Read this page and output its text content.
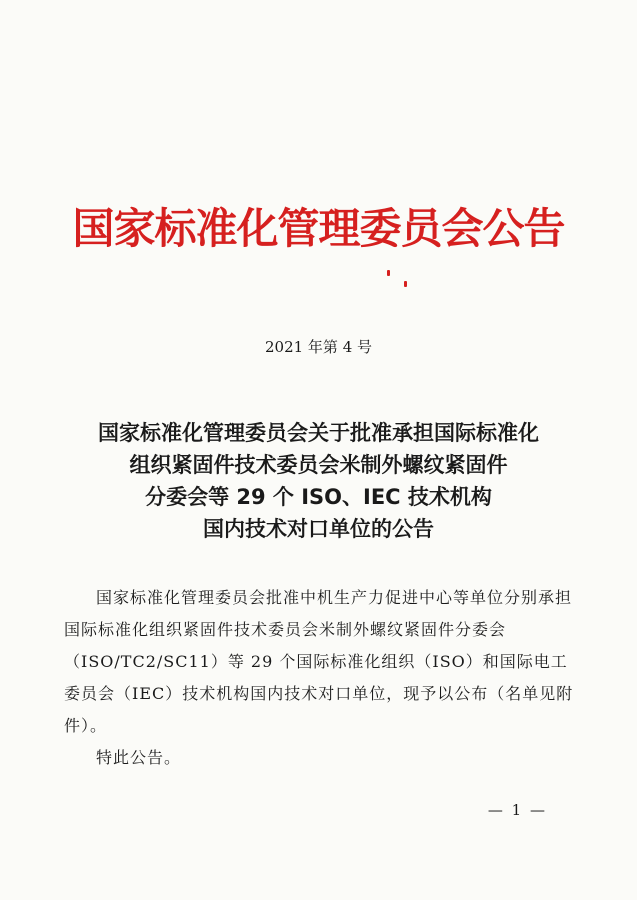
国家标准化管理委员会公告
2021 年第 4 号
国家标准化管理委员会关于批准承担国际标准化
组织紧固件技术委员会米制外螺纹紧固件
分委会等 29 个 ISO、IEC 技术机构
国内技术对口单位的公告

国家标准化管理委员会批准中机生产力促进中心等单位分别承担国际标准化组织紧固件技术委员会米制外螺纹紧固件分委会（ISO/TC2/SC11）等 29 个国际标准化组织（ISO）和国际电工委员会（IEC）技术机构国内技术对口单位，现予以公布（名单见附件）。

特此公告。

— 1 —
